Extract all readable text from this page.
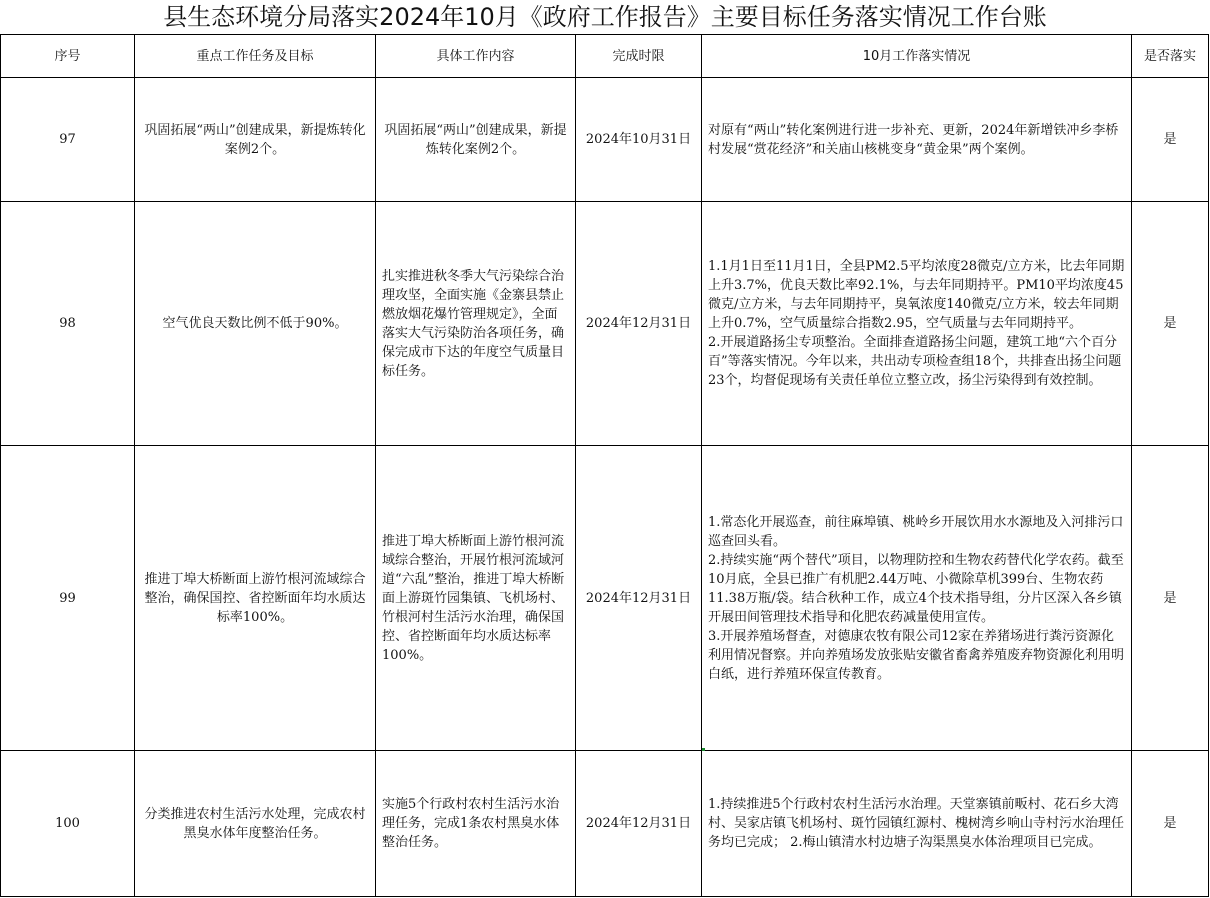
县生态环境分局落实2024年10月《政府工作报告》主要目标任务落实情况工作台账
序号	重点工作任务及目标	具体工作内容	完成时限	10月工作落实情况	是否落实
97	巩固拓展“两山”创建成果，新提炼转化案例2个。	巩固拓展“两山”创建成果，新提炼转化案例2个。	2024年10月31日	对原有“两山”转化案例进行进一步补充、更新，2024年新增铁冲乡李桥村发展“赏花经济”和关庙山核桃变身“黄金果”两个案例。	是
98	空气优良天数比例不低于90%。	扎实推进秋冬季大气污染综合治理攻坚，全面实施《金寨县禁止燃放烟花爆竹管理规定》，全面落实大气污染防治各项任务，确保完成市下达的年度空气质量目标任务。	2024年12月31日	1.1月1日至11月1日，全县PM2.5平均浓度28微克/立方米，比去年同期上升3.7%，优良天数比率92.1%，与去年同期持平。PM10平均浓度45微克/立方米，与去年同期持平，臭氧浓度140微克/立方米，较去年同期上升0.7%，空气质量综合指数2.95，空气质量与去年同期持平。
2.开展道路扬尘专项整治。全面排查道路扬尘问题，建筑工地“六个百分百”等落实情况。今年以来，共出动专项检查组18个，共排查出扬尘问题23个，均督促现场有关责任单位立整立改，扬尘污染得到有效控制。	是
99	推进丁埠大桥断面上游竹根河流域综合整治，确保国控、省控断面年均水质达标率100%。	推进丁埠大桥断面上游竹根河流域综合整治，开展竹根河流域河道“六乱”整治，推进丁埠大桥断面上游斑竹园集镇、飞机场村、竹根河村生活污水治理，确保国控、省控断面年均水质达标率100%。	2024年12月31日	1.常态化开展巡查，前往麻埠镇、桃岭乡开展饮用水水源地及入河排污口巡查回头看。
2.持续实施“两个替代”项目，以物理防控和生物农药替代化学农药。截至10月底，全县已推广有机肥2.44万吨、小微除草机399台、生物农药11.38万瓶/袋。结合秋种工作，成立4个技术指导组，分片区深入各乡镇开展田间管理技术指导和化肥农药减量使用宣传。
3.开展养殖场督查，对德康农牧有限公司12家在养猪场进行粪污资源化利用情况督察。并向养殖场发放张贴安徽省畜禽养殖废弃物资源化利用明白纸，进行养殖环保宣传教育。	是
100	分类推进农村生活污水处理，完成农村黑臭水体年度整治任务。	实施5个行政村农村生活污水治理任务，完成1条农村黑臭水体整治任务。	2024年12月31日	1.持续推进5个行政村农村生活污水治理。天堂寨镇前畈村、花石乡大湾村、吴家店镇飞机场村、斑竹园镇红源村、槐树湾乡响山寺村污水治理任务均已完成； 2.梅山镇清水村边塘子沟渠黑臭水体治理项目已完成。	是
